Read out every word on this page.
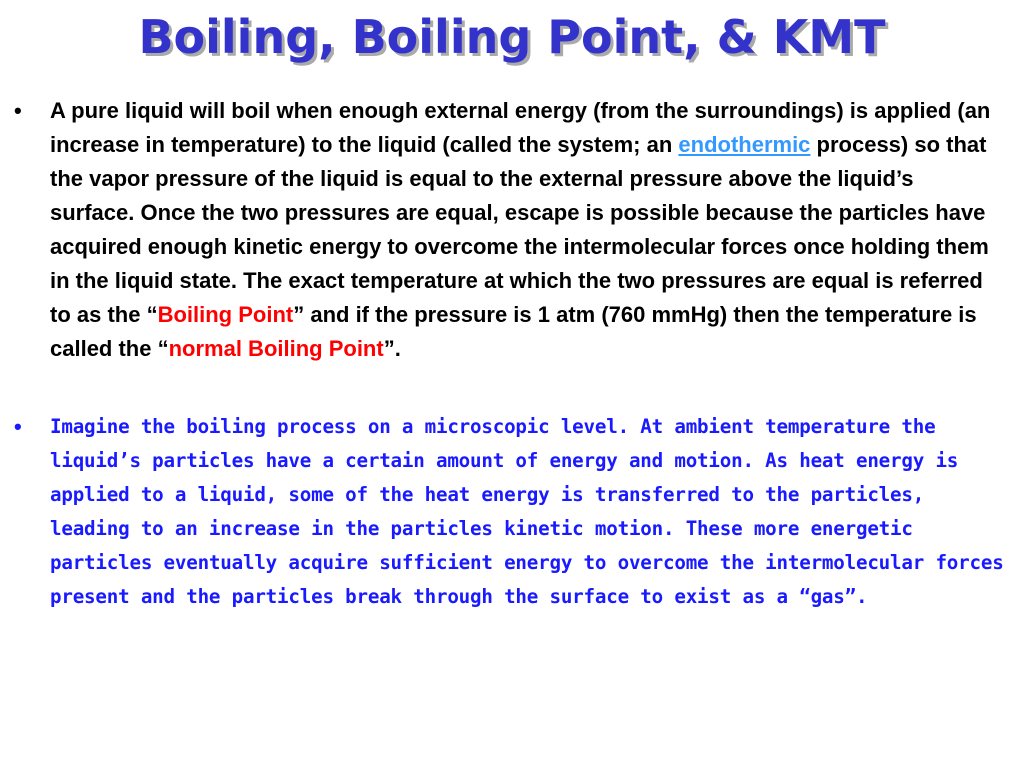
Boiling, Boiling Point, & KMT

• A pure liquid will boil when enough external energy (from the surroundings) is applied (an increase in temperature) to the liquid (called the system; an endothermic process) so that the vapor pressure of the liquid is equal to the external pressure above the liquid’s surface. Once the two pressures are equal, escape is possible because the particles have acquired enough kinetic energy to overcome the intermolecular forces once holding them in the liquid state. The exact temperature at which the two pressures are equal is referred to as the “Boiling Point” and if the pressure is 1 atm (760 mmHg) then the temperature is called the “normal Boiling Point”.

• Imagine the boiling process on a microscopic level. At ambient temperature the liquid’s particles have a certain amount of energy and motion. As heat energy is applied to a liquid, some of the heat energy is transferred to the particles, leading to an increase in the particles kinetic motion. These more energetic particles eventually acquire sufficient energy to overcome the intermolecular forces present and the particles break through the surface to exist as a “gas”.
